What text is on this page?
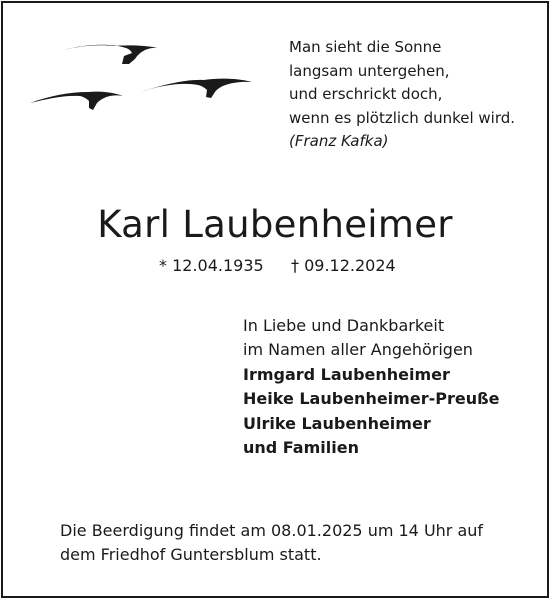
Man sieht die Sonne
langsam untergehen,
und erschrickt doch,
wenn es plötzlich dunkel wird.
(Franz Kafka)
Karl Laubenheimer
* 12.04.1935 † 09.12.2024
In Liebe und Dankbarkeit
im Namen aller Angehörigen
Irmgard Laubenheimer
Heike Laubenheimer-Preuße
Ulrike Laubenheimer
und Familien
Die Beerdigung findet am 08.01.2025 um 14 Uhr auf
dem Friedhof Guntersblum statt.
